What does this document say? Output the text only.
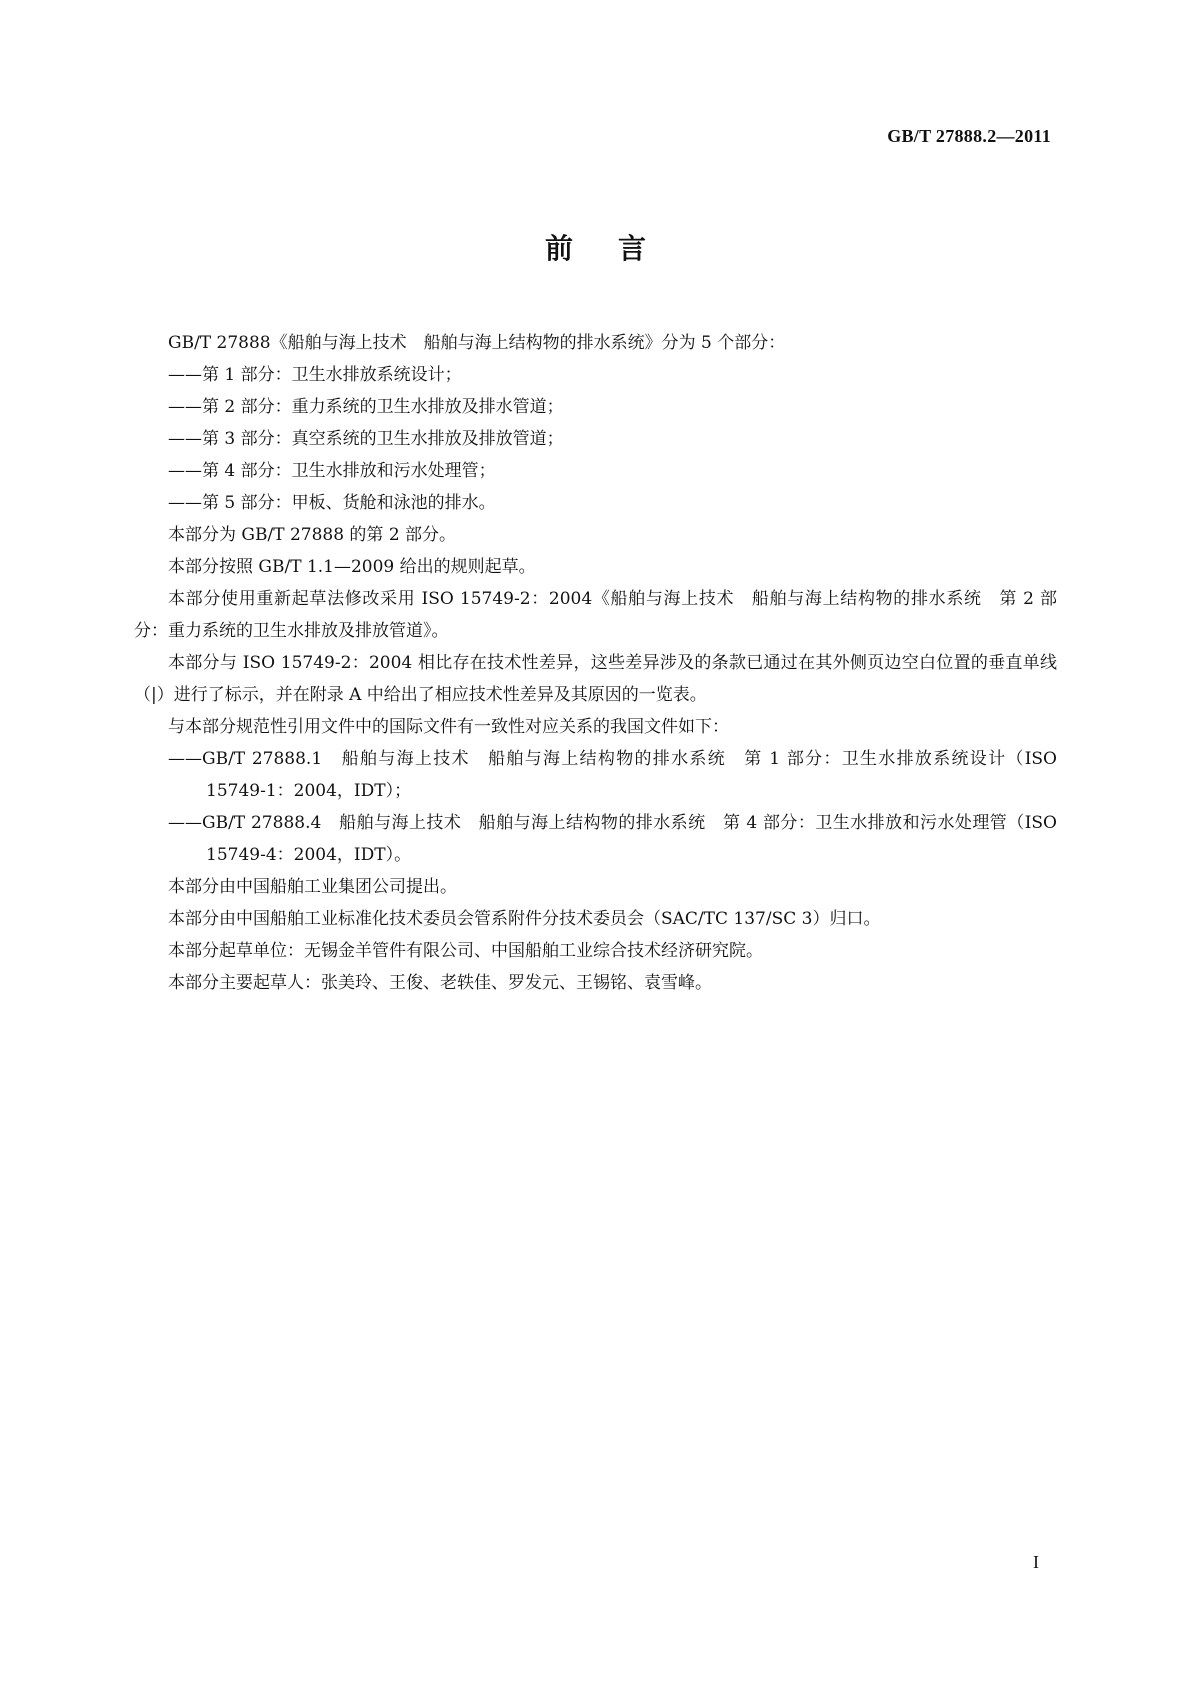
GB/T 27888.2—2011
前言

GB/T 27888《船舶与海上技术　船舶与海上结构物的排水系统》分为 5 个部分：

——第 1 部分：卫生水排放系统设计；

——第 2 部分：重力系统的卫生水排放及排水管道；

——第 3 部分：真空系统的卫生水排放及排放管道；

——第 4 部分：卫生水排放和污水处理管；

——第 5 部分：甲板、货舱和泳池的排水。

本部分为 GB/T 27888 的第 2 部分。

本部分按照 GB/T 1.1—2009 给出的规则起草。

本部分使用重新起草法修改采用 ISO 15749-2：2004《船舶与海上技术　船舶与海上结构物的排水系统　第 2 部分：重力系统的卫生水排放及排放管道》。

本部分与 ISO 15749-2：2004 相比存在技术性差异，这些差异涉及的条款已通过在其外侧页边空白位置的垂直单线（|）进行了标示，并在附录 A 中给出了相应技术性差异及其原因的一览表。

与本部分规范性引用文件中的国际文件有一致性对应关系的我国文件如下：

——GB/T 27888.1　船舶与海上技术　船舶与海上结构物的排水系统　第 1 部分：卫生水排放系统设计（ISO 15749-1：2004，IDT）；

——GB/T 27888.4　船舶与海上技术　船舶与海上结构物的排水系统　第 4 部分：卫生水排放和污水处理管（ISO 15749-4：2004，IDT）。

本部分由中国船舶工业集团公司提出。

本部分由中国船舶工业标准化技术委员会管系附件分技术委员会（SAC/TC 137/SC 3）归口。

本部分起草单位：无锡金羊管件有限公司、中国船舶工业综合技术经济研究院。

本部分主要起草人：张美玲、王俊、老轶佳、罗发元、王锡铭、袁雪峰。

I
